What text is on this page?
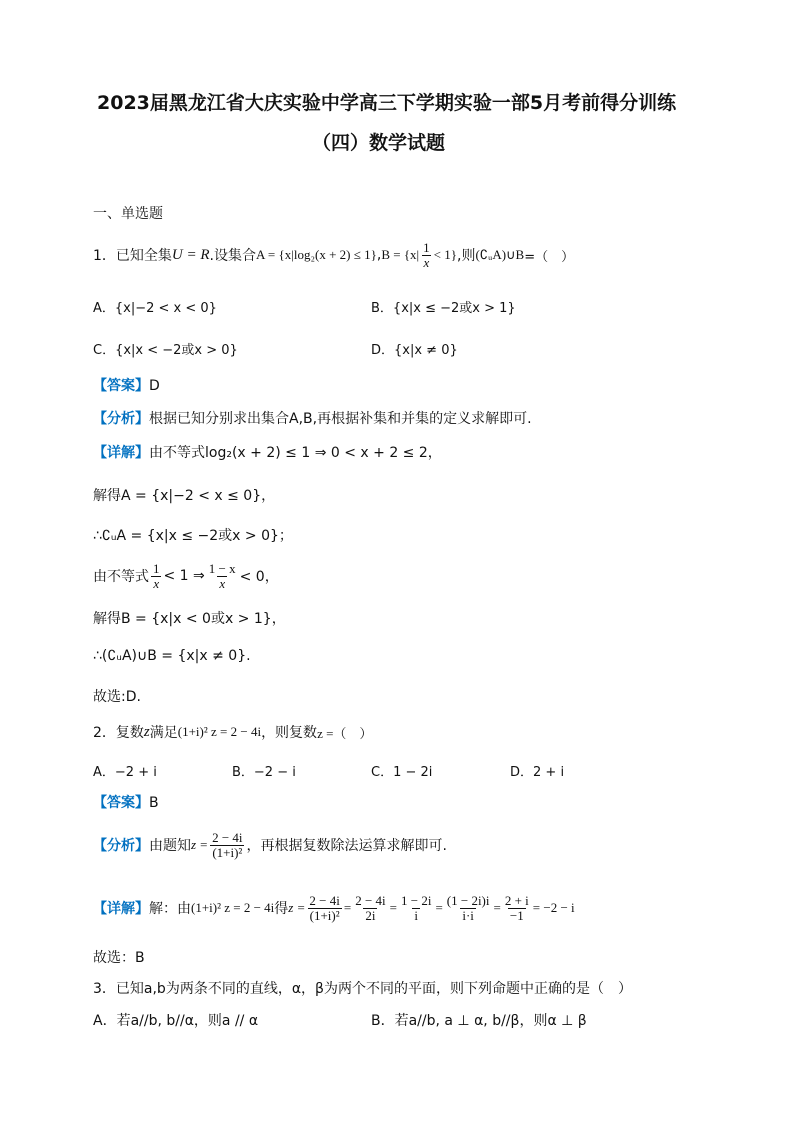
2023届黑龙江省大庆实验中学高三下学期实验一部5月考前得分训练
（四）数学试题
一、单选题
1．已知全集 U = R .设集合 A = {x|log₂(x + 2) ≤ 1} , $B = \{x| \frac{1}{x} < 1\}$ ,则 (∁ᵤA)∪B =（　）
A．{x|−2 < x < 0}	B．{x|x ≤ −2或x > 1}
C．{x|x < −2或x > 0}	D．{x|x ≠ 0}
【答案】D
【分析】根据已知分别求出集合A,B,再根据补集和并集的定义求解即可.
【详解】由不等式log₂(x + 2) ≤ 1 ⇒ 0 < x + 2 ≤ 2，
解得A = {x|−2 < x ≤ 0}，
∴∁ᵤA = {x|x ≤ −2或x > 0}；
由不等式 $\frac{1}{x} < 1$ ⇒ $\frac{1 - x}{x} < 0$，
解得B = {x|x < 0或x > 1}，
∴(∁ᵤA)∪B = {x|x ≠ 0}.
故选:D.
2．复数 z 满足 (1+i)² z = 2 − 4i ，则复数 z =（　）
A．−2 + i	B．−2 − i	C．1 − 2i	D．2 + i
【答案】B
【分析】 由题知 $z = \frac{2 - 4i}{\text{(1+i)²}}$ ，再根据复数除法运算求解即可.
【详解】 解：由 (1+i)² z = 2 − 4i 得 $z = \frac{2 - 4i}{\text{(1+i)²}} = \frac{2 - 4i}{2i} = \frac{1 - 2i}{i} = \frac{(1 - 2i)i}{i\cdot i} = \frac{2 + i}{-1} = -2 - i$
故选：B
3．已知a,b为两条不同的直线，α，β为两个不同的平面，则下列命题中正确的是（　）
A．若a//b, b//α，则a // α	B．若a//b, a ⊥ α, b//β，则α ⊥ β
